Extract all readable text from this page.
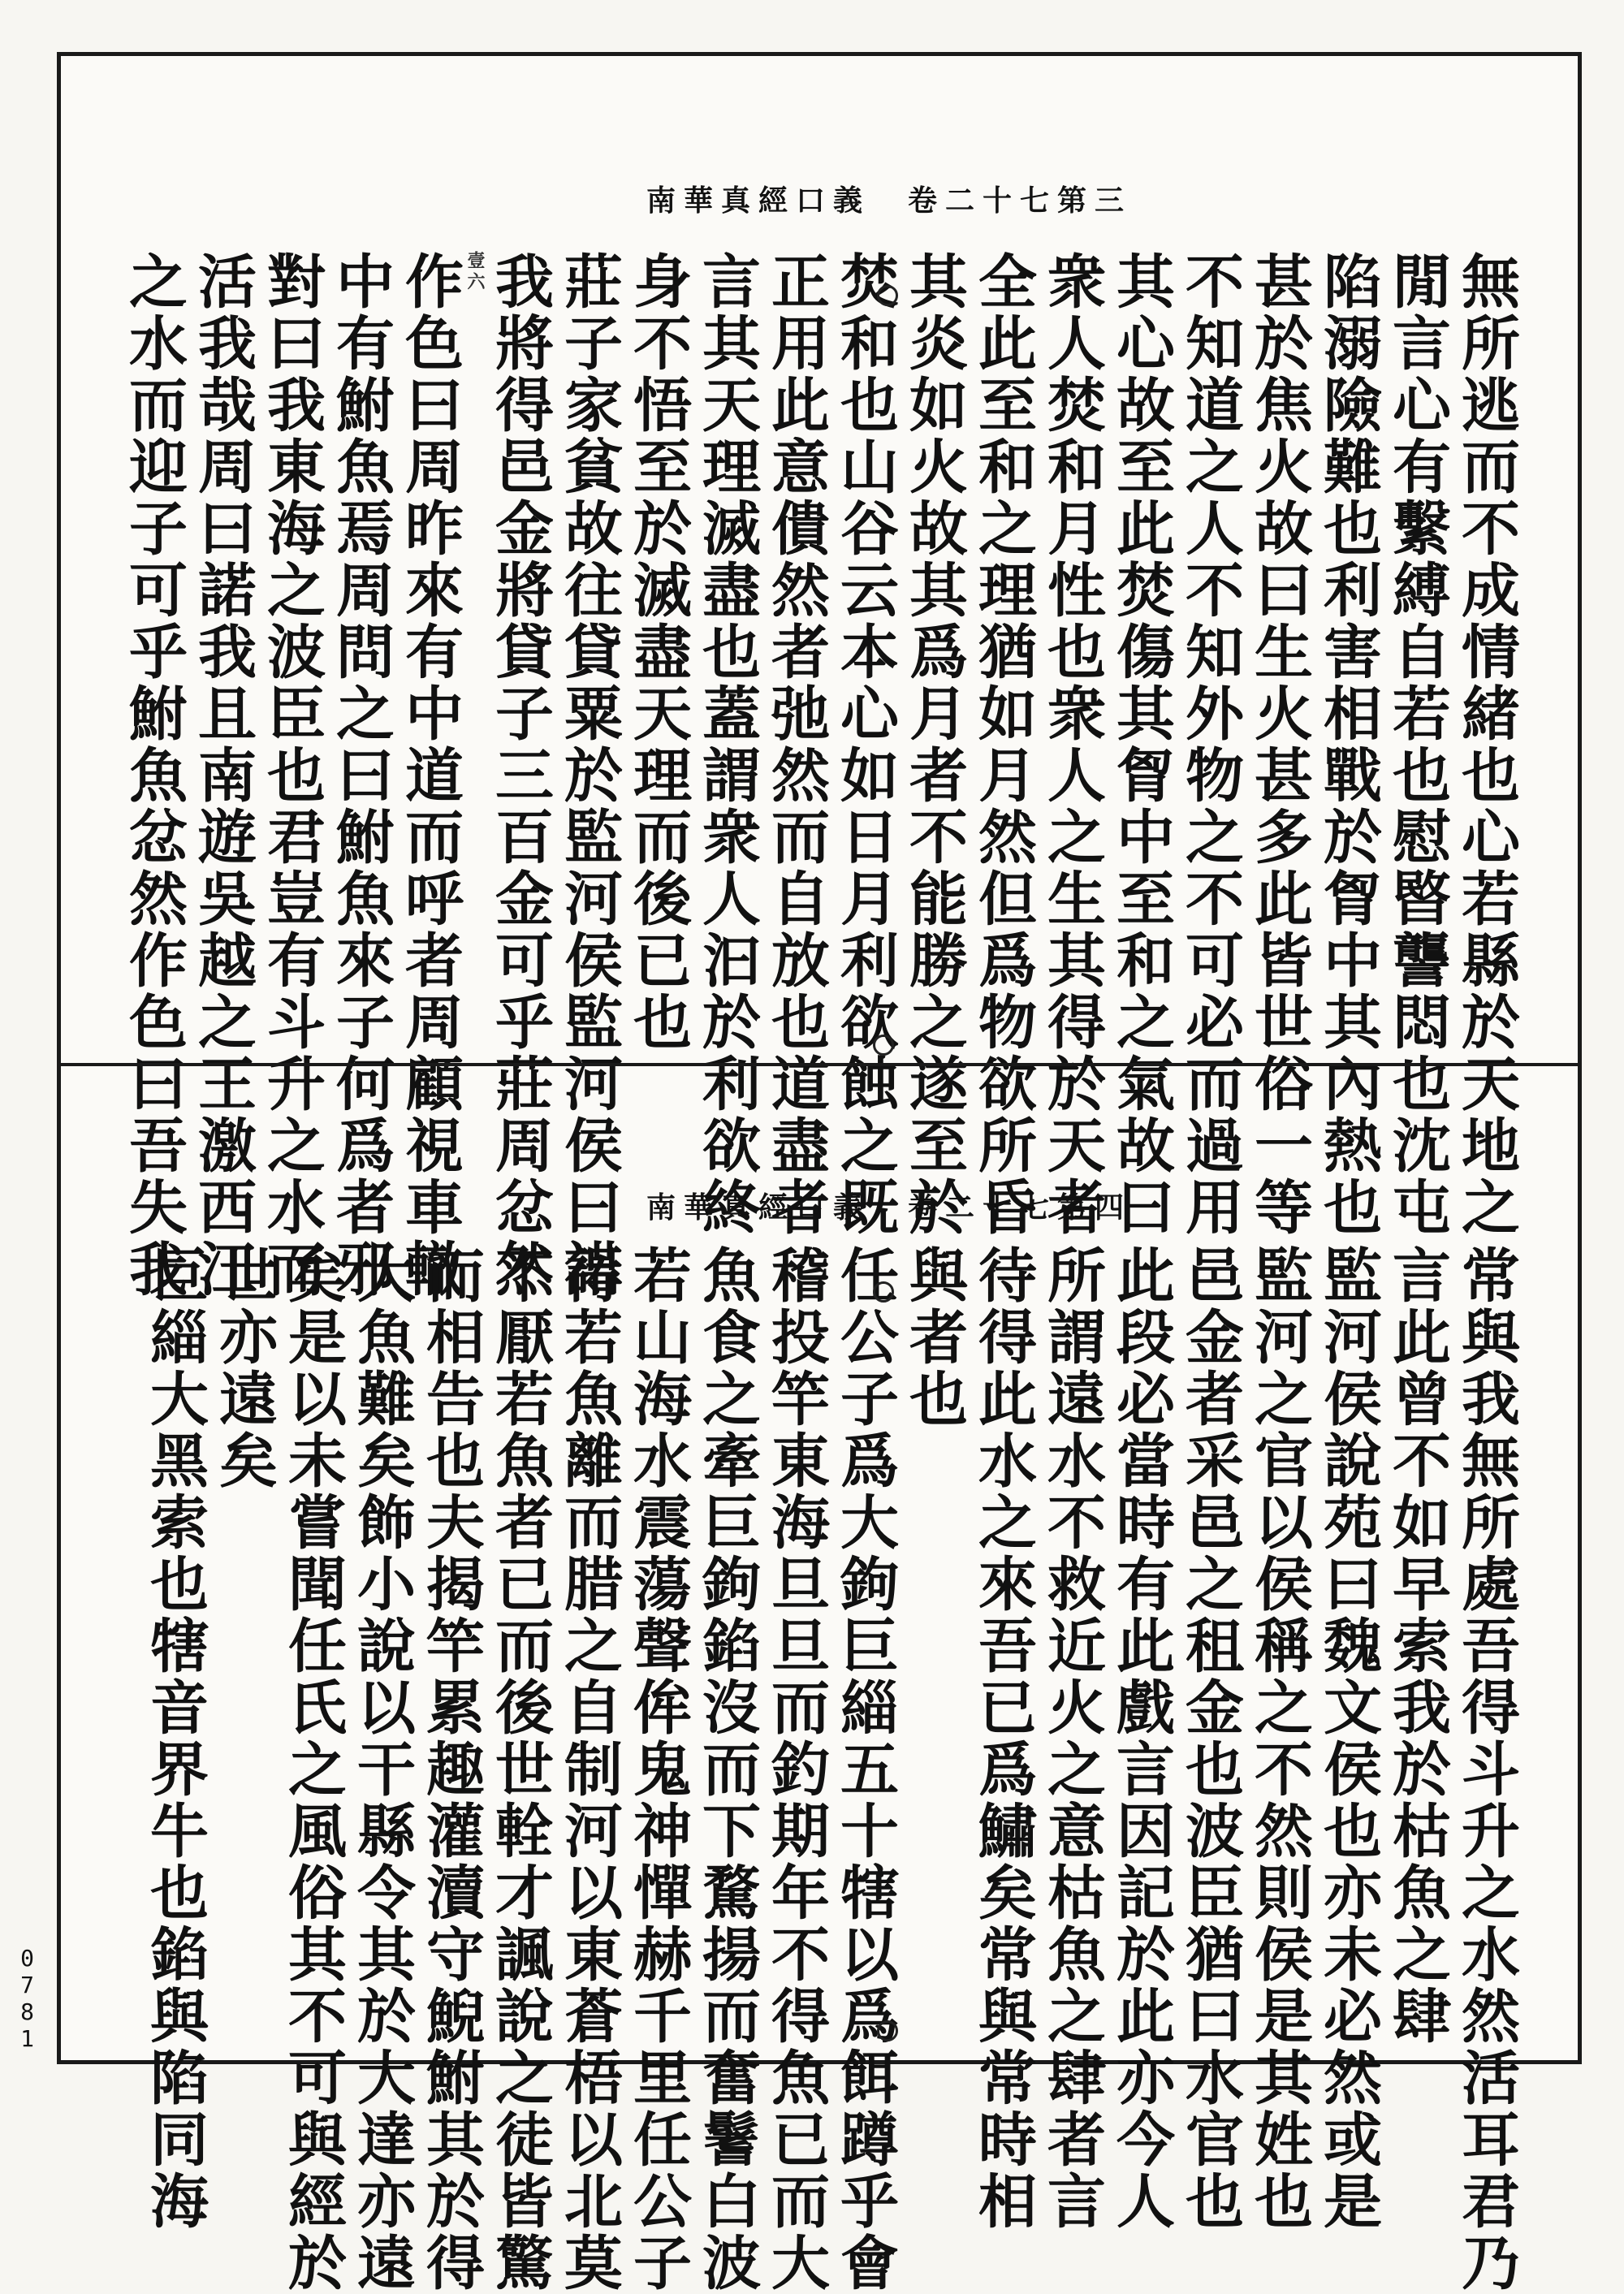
南華真經口義　卷二十七第三
無所逃而不成情緒也心若縣於天地之
閒言心有繫縛自若也慰暋讋悶也沈屯
陷溺險難也利害相戰於胷中其內熱也
甚於焦火故曰生火甚多此皆世俗一等
不知道之人不知外物之不可必而過用
其心故至此焚傷其胷中至和之氣故曰
衆人焚和月性也衆人之生其得於天者
全此至和之理猶如月然但爲物欲所昏
其炎如火故其爲月者不能勝之遂至於
焚和也山谷云本心如日月利欲蝕之既
正用此意僓然者弛然而自放也道盡者
言其天理滅盡也蓋謂衆人汩於利欲終
身不悟至於滅盡天理而後已也
莊子家貧故往貸粟於監河侯監河侯曰諾
我將得邑金將貸子三百金可乎莊周忿然
壹六
作色曰周昨來有中道而呼者周顧視車轍
中有鮒魚焉周問之曰鮒魚來子何爲者邪
對曰我東海之波臣也君豈有斗升之水而
活我哉周曰諾我且南遊吳越之王激西江
之水而迎子可乎鮒魚忿然作色曰吾失我	南華真經口義　卷二十七第四
常與我無所處吾得斗升之水然活耳君乃
言此曾不如早索我於枯魚之肆
監河侯說苑曰魏文侯也亦未必然或是
監河之官以侯稱之不然則侯是其姓也
邑金者采邑之租金也波臣猶曰水官也
此段必當時有此戲言因記於此亦今人
所謂遠水不救近火之意枯魚之肆者言
待得此水之來吾已爲鱐矣常與常時相
與者也
任公子爲大鉤巨緇五十犗以爲餌蹲乎會
稽投竿東海旦旦而釣期年不得魚已而大
魚食之牽巨鉤錎沒而下騖揚而奮鬐白波
若山海水震蕩聲侔鬼神憚赫千里任公子
得若魚離而腊之自制河以東蒼梧以北莫
不厭若魚者已而後世輇才諷說之徒皆驚
而相告也夫揭竿累趣灌瀆守鯢鮒其於得
大魚難矣飾小說以干縣令其於大達亦遠
矣是以未嘗聞任氏之風俗其不可與經於
世亦遠矣
巨緇大黑索也犗音界牛也錎與陷同海
0781
